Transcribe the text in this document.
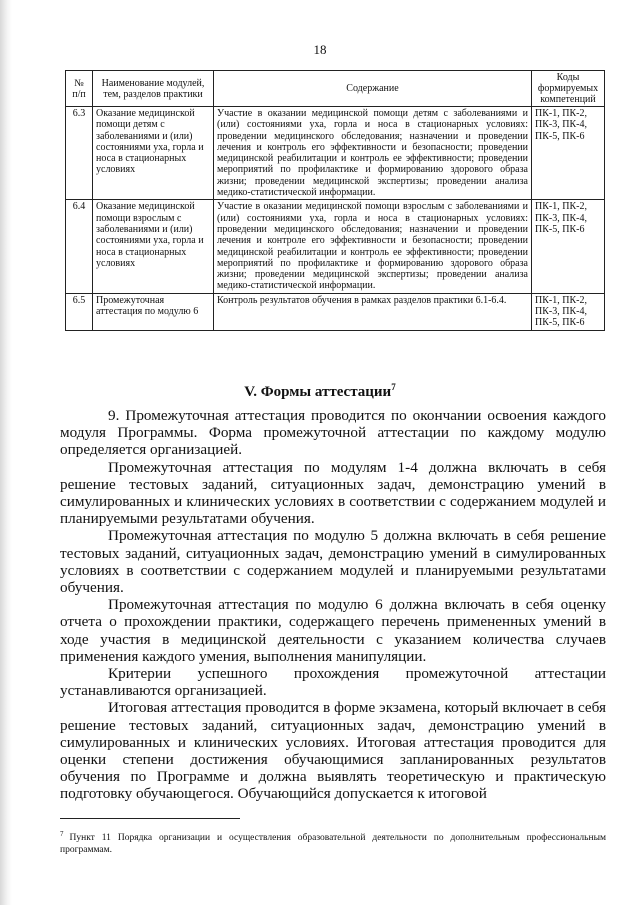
18
№ п/п	Наименование модулей, тем, разделов практики	Содержание	Коды формируемых компетенций
6.3	Оказание медицинской помощи детям с заболеваниями и (или) состояниями уха, горла и носа в стационарных условиях	Участие в оказании медицинской помощи детям с заболеваниями и (или) состояниями уха, горла и носа в стационарных условиях: проведении медицинского обследования; назначении и проведении лечения и контроль его эффективности и безопасности; проведении медицинской реабилитации и контроль ее эффективности; проведении мероприятий по профилактике и формированию здорового образа жизни; проведении медицинской экспертизы; проведении анализа медико-статистической информации.	ПК-1, ПК-2, ПК-3, ПК-4, ПК-5, ПК-6
6.4	Оказание медицинской помощи взрослым с заболеваниями и (или) состояниями уха, горла и носа в стационарных условиях	Участие в оказании медицинской помощи взрослым с заболеваниями и (или) состояниями уха, горла и носа в стационарных условиях: проведении медицинского обследования; назначении и проведении лечения и контроле его эффективности и безопасности; проведении медицинской реабилитации и контроль ее эффективности; проведении мероприятий по профилактике и формированию здорового образа жизни; проведении медицинской экспертизы; проведении анализа медико-статистической информации.	ПК-1, ПК-2, ПК-3, ПК-4, ПК-5, ПК-6
6.5	Промежуточная аттестация по модулю 6	Контроль результатов обучения в рамках разделов практики 6.1-6.4.	ПК-1, ПК-2, ПК-3, ПК-4, ПК-5, ПК-6
V. Формы аттестации$^7$

9. Промежуточная аттестация проводится по окончании освоения каждого модуля Программы. Форма промежуточной аттестации по каждому модулю определяется организацией.

Промежуточная аттестация по модулям 1-4 должна включать в себя решение тестовых заданий, ситуационных задач, демонстрацию умений в симулированных и клинических условиях в соответствии с содержанием модулей и планируемыми результатами обучения.

Промежуточная аттестация по модулю 5 должна включать в себя решение тестовых заданий, ситуационных задач, демонстрацию умений в симулированных условиях в соответствии с содержанием модулей и планируемыми результатами обучения.

Промежуточная аттестация по модулю 6 должна включать в себя оценку отчета о прохождении практики, содержащего перечень примененных умений в ходе участия в медицинской деятельности с указанием количества случаев применения каждого умения, выполнения манипуляции.

Критерии успешного прохождения промежуточной аттестации устанавливаются организацией.

Итоговая аттестация проводится в форме экзамена, который включает в себя решение тестовых заданий, ситуационных задач, демонстрацию умений в симулированных и клинических условиях. Итоговая аттестация проводится для оценки степени достижения обучающимися запланированных результатов обучения по Программе и должна выявлять теоретическую и практическую подготовку обучающегося. Обучающийся допускается к итоговой

$^7$ Пункт 11 Порядка организации и осуществления образовательной деятельности по дополнительным профессиональным программам.
